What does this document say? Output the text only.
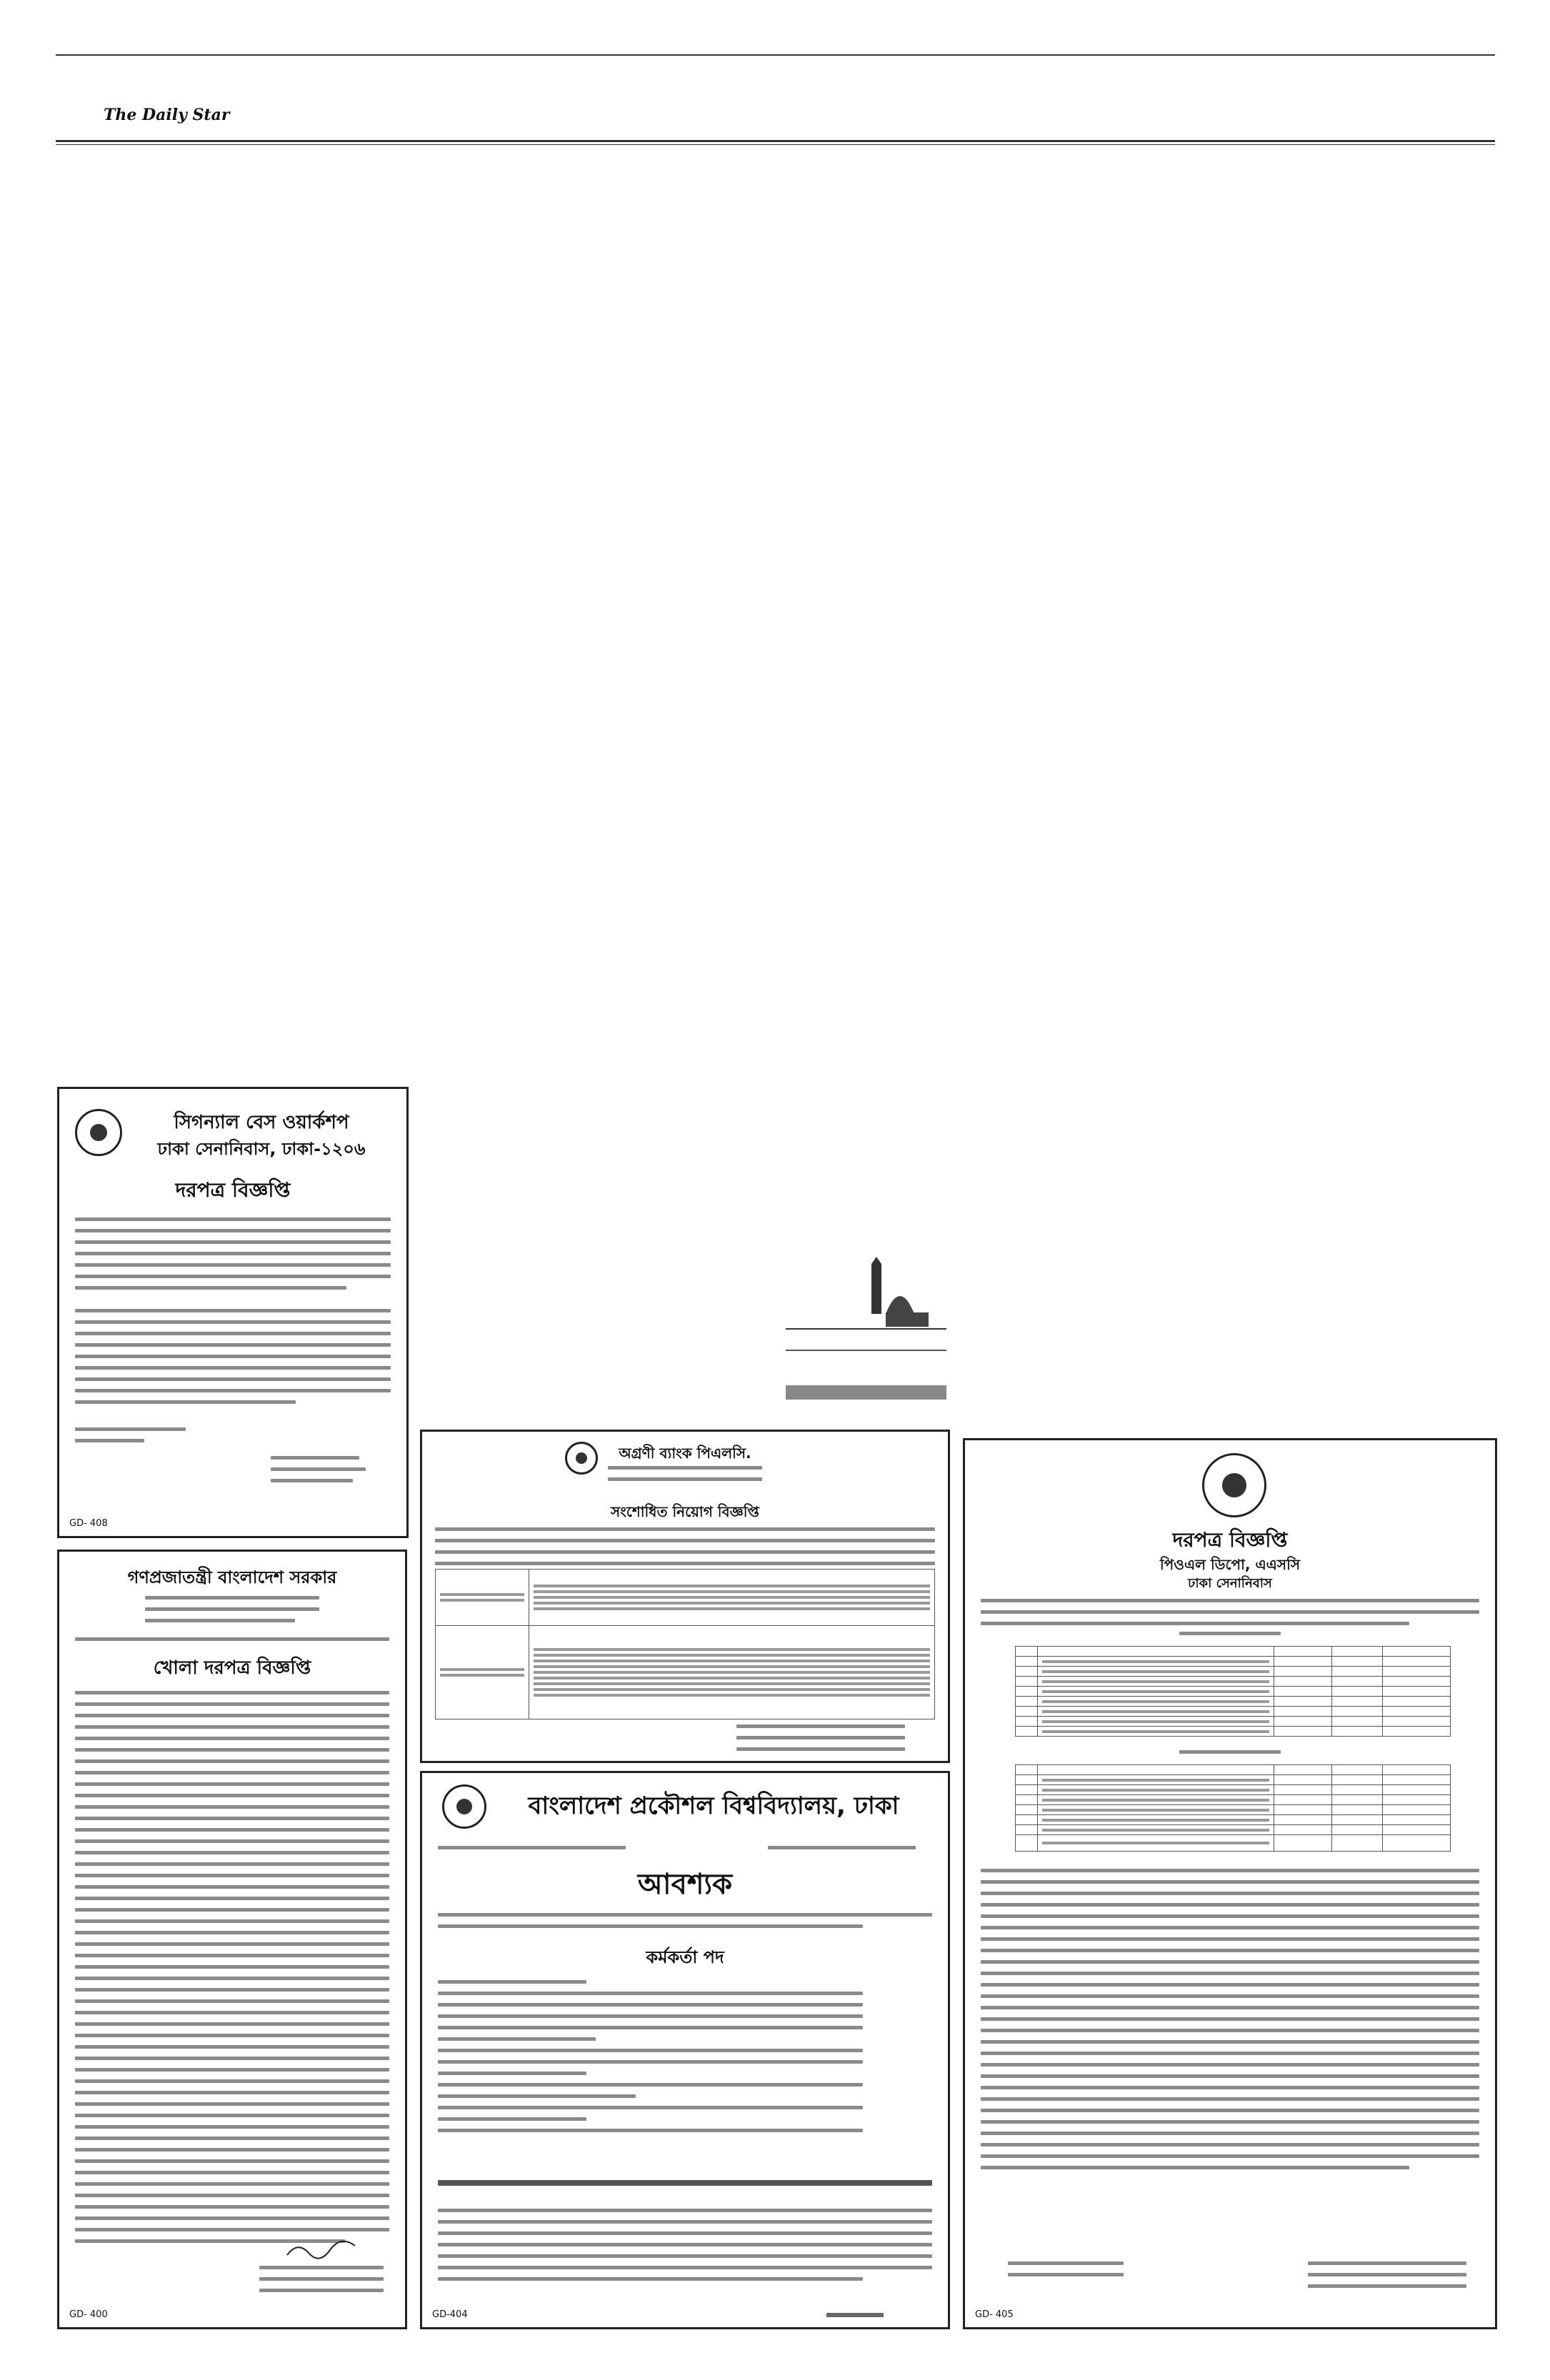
The Daily Star
সিগন্যাল বেস ওয়ার্কশপ
ঢাকা সেনানিবাস, ঢাকা-১২০৬
দরপত্র বিজ্ঞপ্তি
GD- 408
গণপ্রজাতন্ত্রী বাংলাদেশ সরকার
খোলা দরপত্র বিজ্ঞপ্তি
GD- 400
অগ্রণী ব্যাংক পিএলসি.
সংশোধিত নিয়োগ বিজ্ঞপ্তি

বাংলাদেশ প্রকৌশল বিশ্ববিদ্যালয়, ঢাকা

আবশ্যক
কর্মকর্তা পদ
GD-404
দরপত্র বিজ্ঞপ্তি
পিওএল ডিপো, এএসসি
ঢাকা সেনানিবাস

GD- 405
